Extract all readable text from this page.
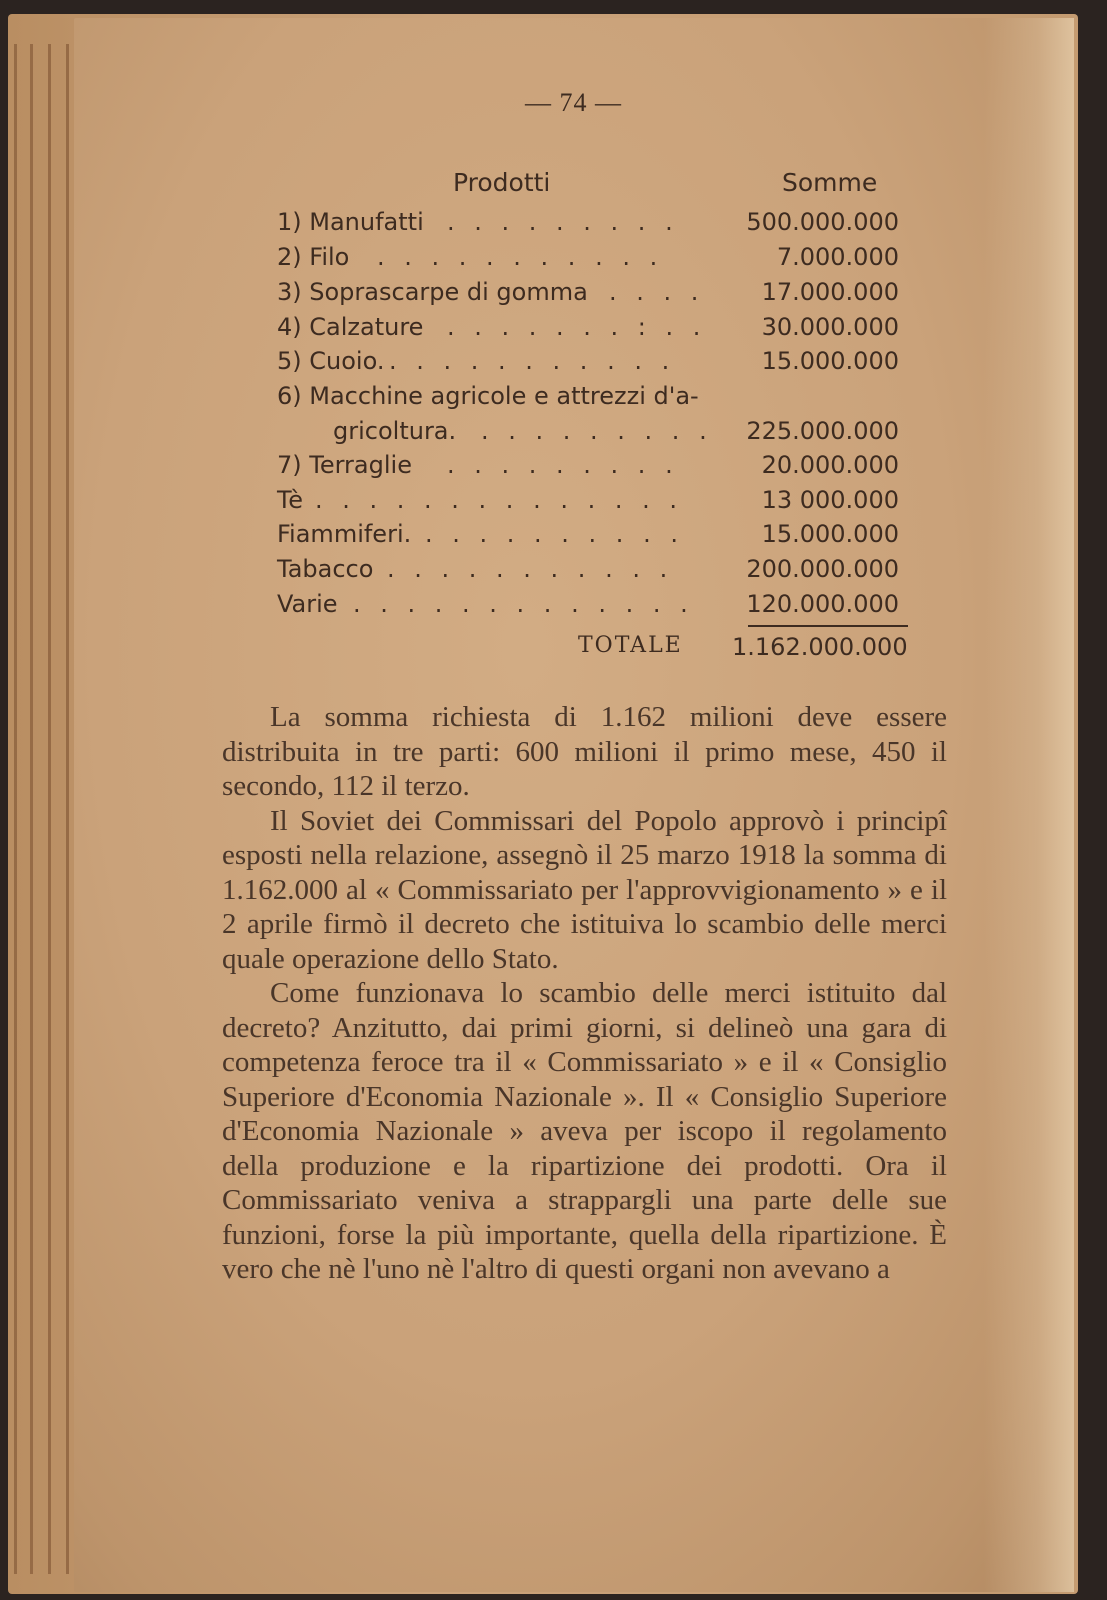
— 74 —
Prodotti	Somme
1) Manufatti . . . . . . . . .	500.000.000
2) Filo . . . . . . . . . . .	7.000.000
3) Soprascarpe di gomma . . . . 17.000.000
4) Calzature . . . . . . . : . . 30.000.000
5) Cuoio. . . . . . . . . . . .	15.000.000
6) Macchine agricole e attrezzi d'a-
gricoltura. . . . . . . . . . 225.000.000
7) Terraglie . . . . . . . . .	20.000.000
Tè . . . . . . . . . . . . . .	13 000.000
Fiammiferi. . . . . . . . . . .	15.000.000
Tabacco . . . . . . . . . . .	200.000.000
Varie . . . . . . . . . . . . . 120.000.000
TOTALE 1.162.000.000

La somma richiesta di 1.162 milioni deve essere distribuita in tre parti: 600 milioni il primo mese, 450 il secondo, 112 il terzo.

Il Soviet dei Commissari del Popolo approvò i principî esposti nella relazione, assegnò il 25 marzo 1918 la somma di 1.162.000 al « Commissariato per l'approvvigionamento » e il 2 aprile firmò il decreto che istituiva lo scambio delle merci quale operazione dello Stato.

Come funzionava lo scambio delle merci istituito dal decreto? Anzitutto, dai primi giorni, si delineò una gara di competenza feroce tra il « Commissariato » e il « Consiglio Superiore d'Economia Nazionale ». Il « Consiglio Superiore d'Economia Nazionale » aveva per iscopo il regolamento della produzione e la ripartizione dei prodotti. Ora il Commissariato veniva a strappargli una parte delle sue funzioni, forse la più importante, quella della ripartizione. È vero che nè l'uno nè l'altro di questi organi non avevano a
